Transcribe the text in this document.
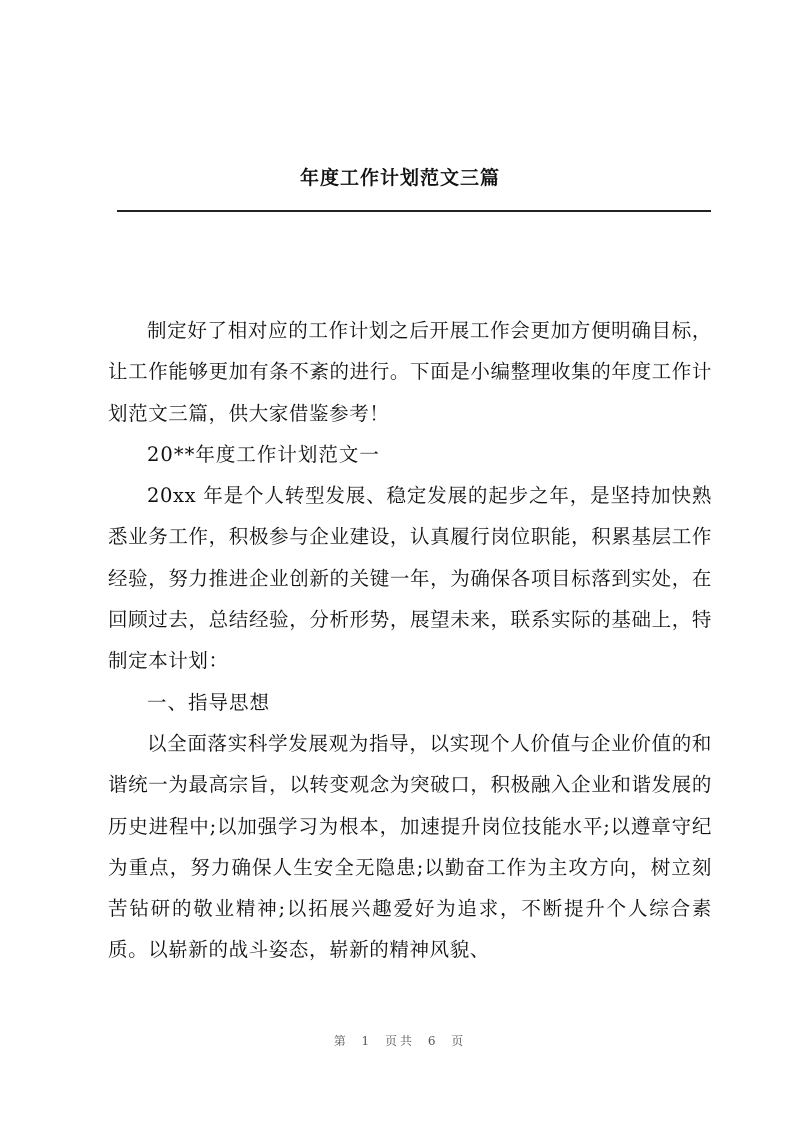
年度工作计划范文三篇

制定好了相对应的工作计划之后开展工作会更加方便明确目标，让工作能够更加有条不紊的进行。下面是小编整理收集的年度工作计划范文三篇，供大家借鉴参考！

20**年度工作计划范文一

20xx 年是个人转型发展、稳定发展的起步之年，是坚持加快熟悉业务工作，积极参与企业建设，认真履行岗位职能，积累基层工作经验，努力推进企业创新的关键一年，为确保各项目标落到实处，在回顾过去，总结经验，分析形势，展望未来，联系实际的基础上，特制定本计划：

一、指导思想

以全面落实科学发展观为指导，以实现个人价值与企业价值的和谐统一为最高宗旨，以转变观念为突破口，积极融入企业和谐发展的历史进程中;以加强学习为根本，加速提升岗位技能水平;以遵章守纪为重点，努力确保人生安全无隐患;以勤奋工作为主攻方向，树立刻苦钻研的敬业精神;以拓展兴趣爱好为追求，不断提升个人综合素质。以崭新的战斗姿态，崭新的精神风貌、

第 1 页共 6 页
